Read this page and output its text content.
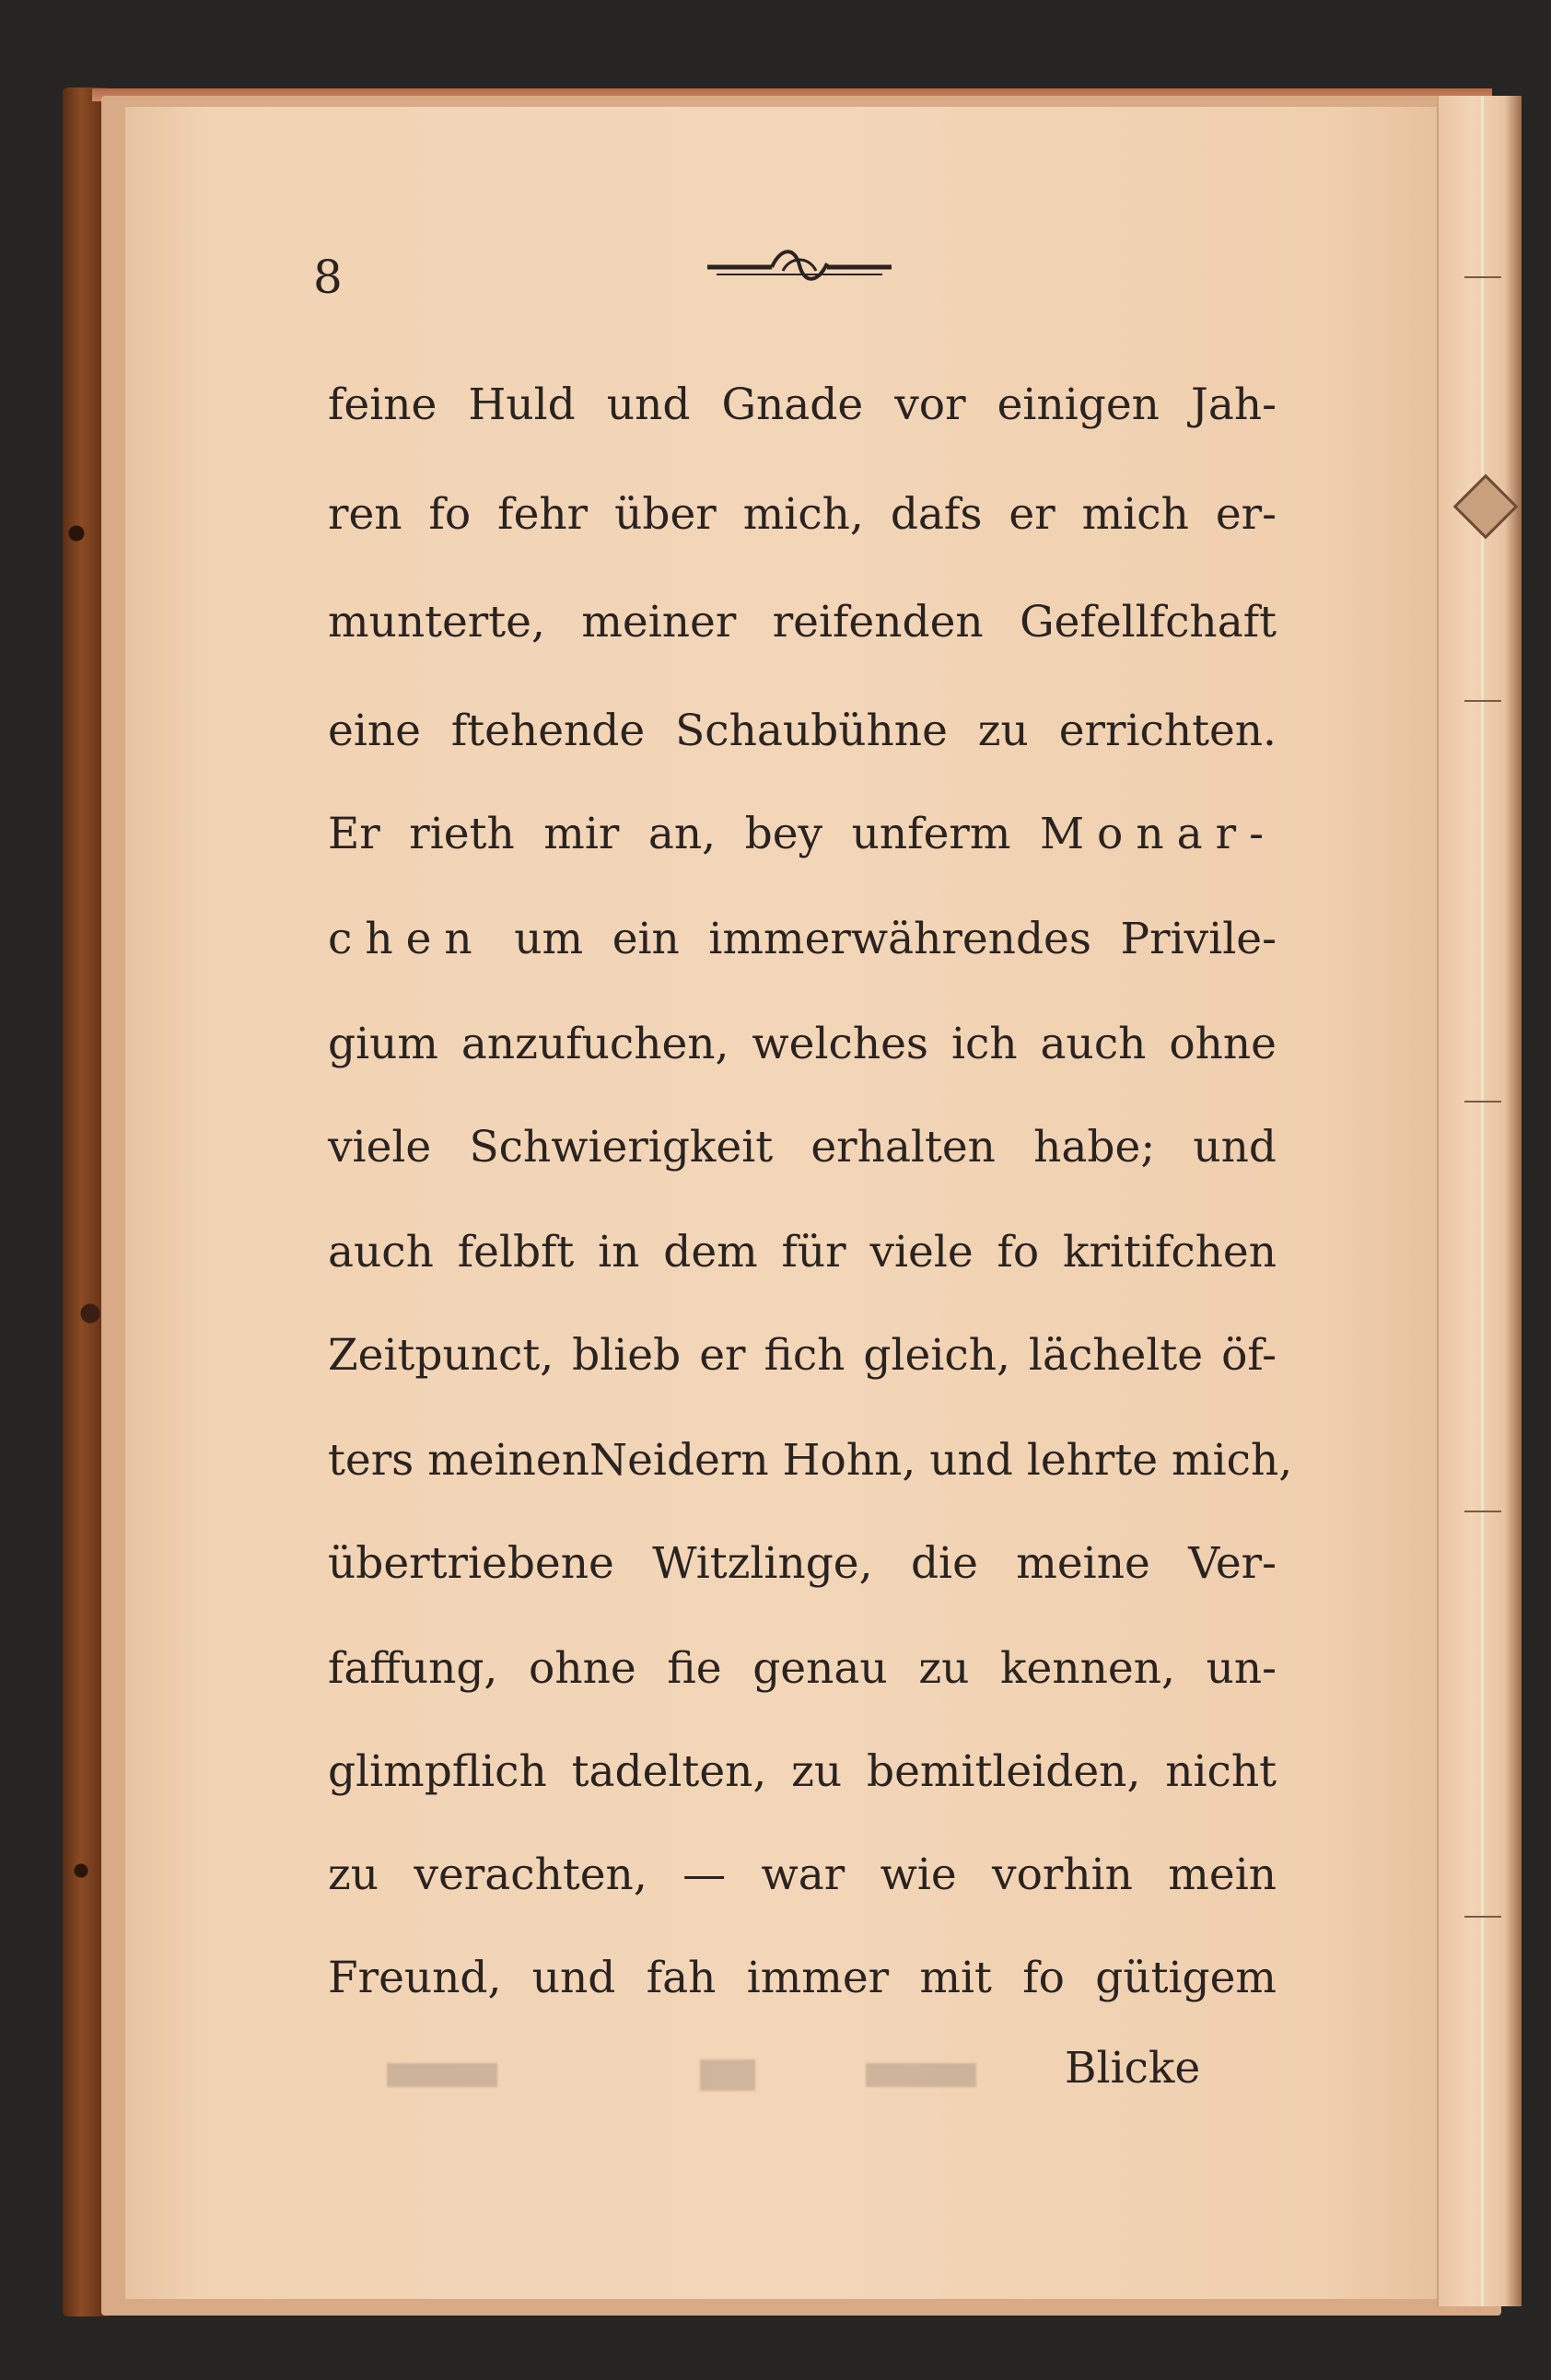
8
feine Huld und Gnade vor einigen Jah-
ren fo fehr über mich, dafs er mich er-
munterte, meiner reifenden Gefellfchaft
eine ftehende Schaubühne zu errichten.
Er rieth mir an, bey unferm Monar-
chen um ein immerwährendes Privile-
gium anzufuchen, welches ich auch ohne
viele Schwierigkeit erhalten habe; und
auch felbft in dem für viele fo kritifchen
Zeitpunct, blieb er fich gleich, lächelte öf-
ters meinenNeidern Hohn, und lehrte mich,
übertriebene Witzlinge, die meine Ver-
faffung, ohne fie genau zu kennen, un-
glimpflich tadelten, zu bemitleiden, nicht
zu verachten, — war wie vorhin mein
Freund, und fah immer mit fo gütigem
Blicke
